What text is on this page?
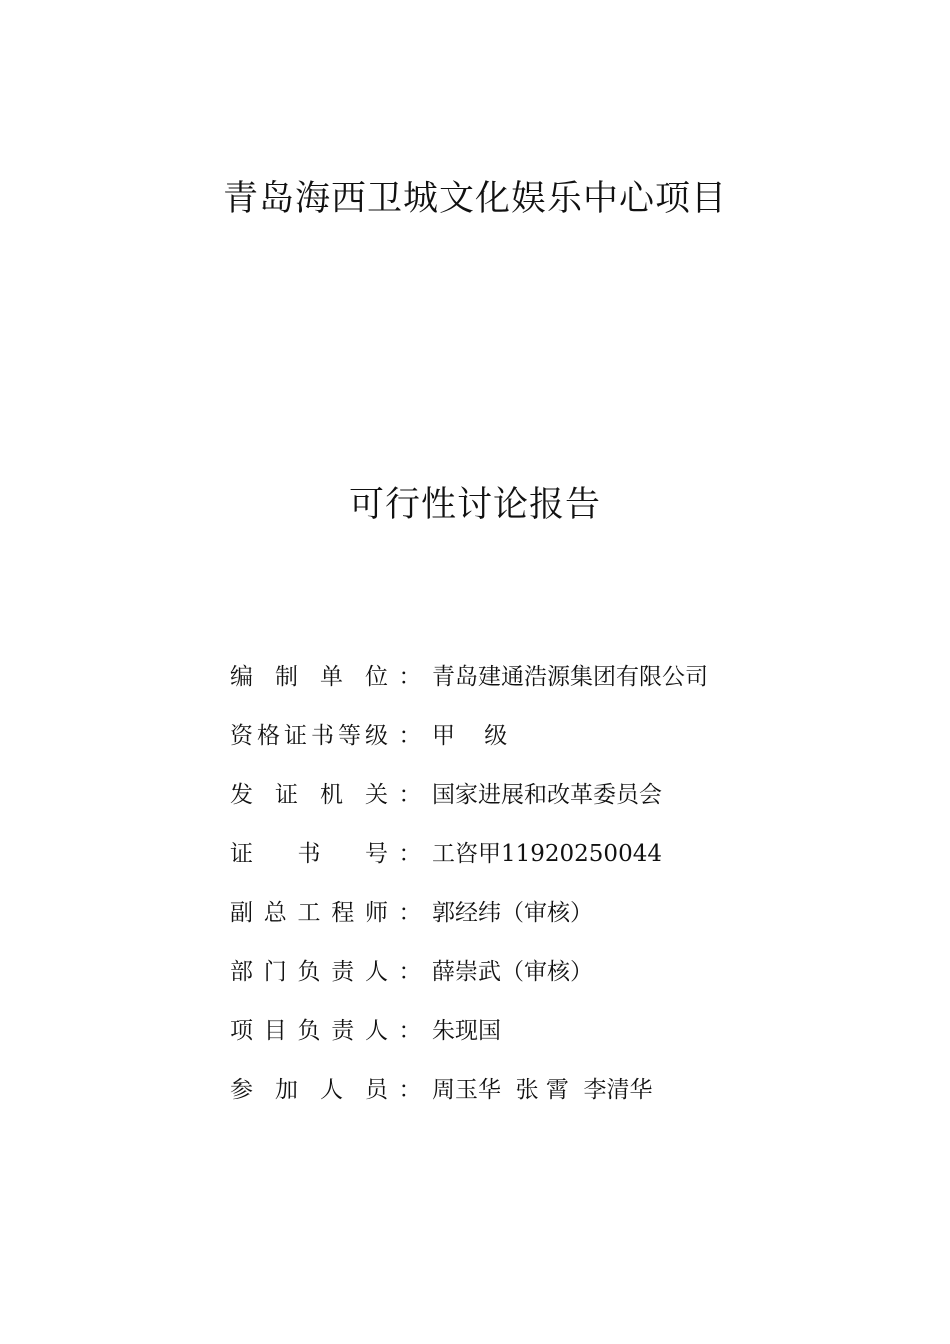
青岛海西卫城文化娱乐中心项目
可行性讨论报告
编制单位 ： 青岛建通浩源集团有限公司
资格证书等级 ： 甲    级
发证机关 ： 国家进展和改革委员会
证书号 ： 工咨甲11920250044
副总工程师 ： 郭经纬（审核）
部门负责人 ： 薛崇武（审核）
项目负责人 ： 朱现国
参加人员 ： 周玉华  张 霄  李清华
